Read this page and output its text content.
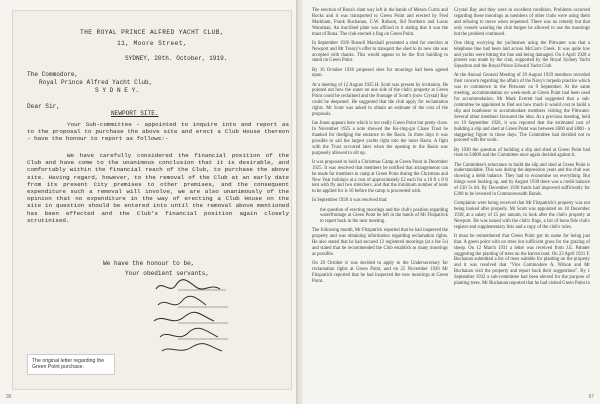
THE ROYAL PRINCE ALFRED YACHT CLUB,
11, Moore Street,
SYDNEY, 20th. October, 1919.
The Commodore,
Royal Prince Alfred Yacht Club,
S Y D N E Y.
Dear Sir,
NEWPORT SITE.
Your Sub-committee - appointed to inquire into and report as to the proposal to purchase the above site and erect a Club House thereon - have the honour to report as follows:-
We have carefully considered the financial position of the Club and have come to the unanimous conclusion that it is desirable, and comfortably within the financial reach of the Club, to purchase the above site. Having regard, however, to the removal of the Club at an early date from its present City premises to other premises, and the consequent expenditure such a removal will involve, we are also unanimously of the opinion that no expenditure in the way of erecting a Club House on the site in question should be entered into until the removal above mentioned has been effected and the Club's financial position again closely scrutinised.
We have the honour to be,
Your obedient servants,
The original letter regarding the Green Point purchase.
96

The erection of Bona's slant way left in the hands of Messrs Curtis and Rocks and it was transported to Green Point and erected by Fred Markham, Frank Buchanan, C.W. Robson, Sid Northern and Lucas Wansman. An inscribed plate was affixed to it stating that it was the mast of Bona. The club erected a flag on Green Point.

In September 1926 Russell Marshall presented a shed for erection at Newport and Mr Treacy's offer to transport the shed to its new site was accepted with thanks. This would appear to be the first building to stand on Green Point.

By 16 October 1926 proposed sites for moorings had been agreed upon.

At a meeting of 12 August 1925 H. Scott was present by invitation. He pointed out how the water on one side of the club's property at Green Point could be reclaimed and the frontage of Scott's (now Crystal) Bay could be deepened. He suggested that the club apply for reclamation rights. Mr Scott was asked to obtain an estimate of the cost of the proposals.

Ian Jones appears here which is not really Green Point but pretty close. In November 1925 a note showed the Ku-ring-gai Chase Trust be thanked for dredging the entrance to the Basin. In three days it was possible to sail the largest yachts right into the inner Basin. A fight with the Trust occurred later when the opening to the Basin was purposely allowed to silt up.

It was proposed to hold a Christmas Camp at Green Point in December 1925. It was resolved that members be notified that arrangements can be made for members to camp at Green Point during the Christmas and New Year holidays at a cost of approximately £2 each for a 10 ft x 8 ft tent with fly and two stretchers, and that the minimum number of tents to be applied for is 10 before the camp is proceeded with.

In September 1926 it was resolved that:

the question of erecting moorings and the club's position regarding waterfrontage at Green Point be left in the hands of Mr Fitzpatrick to report back to the next meeting.

The following month, Mr Fitzpatrick reported that he had inspected the property and was obtaining information regarding reclamation rights. He also stated that he had secured 12 registered moorings (at a fee 5s) and stated that he recommended the Club establish as many moorings as possible.

On 20 October it was decided to apply to the Undersecretary for reclamation rights at Green Point, and on 25 November 1926 Mr Fitzpatrick reported that he had inspected the new moorings at Green Point.

Crystal Bay and they were in excellent condition. Problems occurred regarding these moorings as members of other clubs were using them and refusing to move when requested. There was no remedy but that only vessels wearing the club burgee be allowed to use the moorings but the problem continued.

One thing worrying the yachtsmen using the Pittwater was that a telephone line had been laid across McCarrs Creek. It was quite low and yachts were hitting the line and being damaged. On 4 April 1928 a protest was made by the club, supported by the Royal Sydney Yacht Squadron and the Royal Prince Edward Yacht Club.

At the Annual General Meeting of 29 August 1929 members recorded their concern regarding the affairs of the Navy's torpedo practice which was to commence in the Pittwater on 9 September. At the same meeting, accommodation on week-ends at Green Point had been used for accommodation. Mr Mark Everett had suggested that a sub-committee be appointed to find out how much it would cost to build a slip and boathouse to accommodate members visiting the Pittwater. Several other members favoured the idea. At a previous meeting, held on 19 September 1926, it was reported that the estimated cost of building a slip and shed at Green Point was between £600 and £800 - a staggering figure in those days. The Committee had decided not to proceed with the work.

By 1930 the question of building a slip and shed at Green Point had risen to £4000 and the Committee once again decided against it.

The Committee's reluctance to build the slip and shed at Green Point is understandable. This was during the depression years and the club was showing a debit balance. They had to economise on everything. But things were looking up, and by August 1930 there was a credit balance of £30 5s 8d. By December 1930 funds had improved sufficiently for £200 to be invested in Commonwealth Bonds.

Complaints were being received that Mr Fitzpatrick's property was not being looked after properly. Mr Scott was appointed on 18 December 1930, at a salary of £5 per annum, to look after the club's property at Newport. He was issued with the club's flags, a list of bona fide club's register and supplementary lists and a copy of the club's rules.

It must be remembered that Green Point got its name for being just that. A green point with no trees but sufficient grass for the grazing of sheep. On 12 March 1931 a letter was received from J.E. Pahnter suggesting the planting of trees on the barren land. On 23 April 1931 F. Buchanan submitted a list of trees suitable for planting on the property and it was resolved that "Vice Commodore A. Wilson and Mr Buchanan visit the property and report back their suggestions". By 1 September 1932 a sub-committee had been elected for the purpose of planting trees. Mr Buchanan reported that he had visited Green Point in

97
